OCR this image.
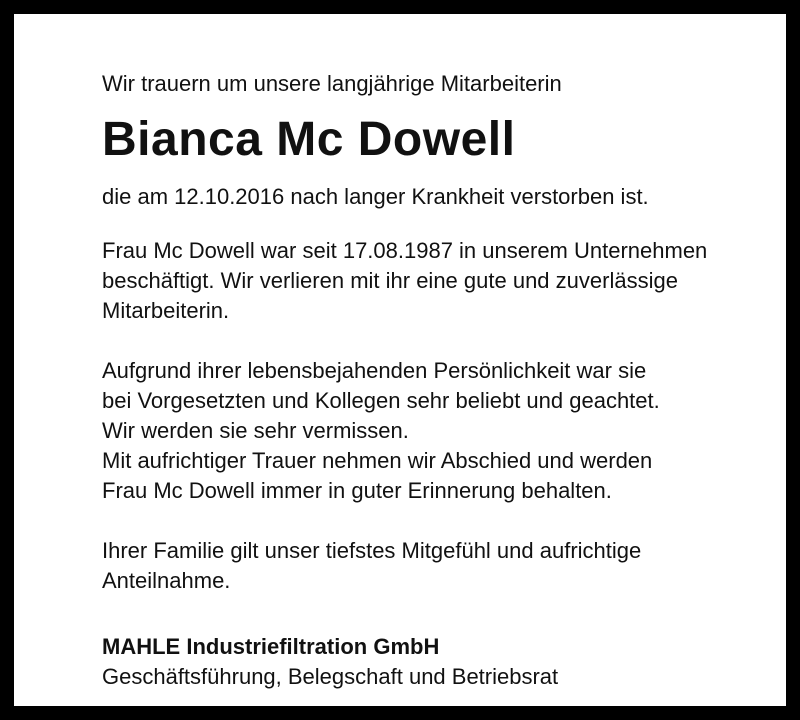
Wir trauern um unsere langjährige Mitarbeiterin

Bianca Mc Dowell

die am 12.10.2016 nach langer Krankheit verstorben ist.

Frau Mc Dowell war seit 17.08.1987 in unserem Unternehmen
beschäftigt. Wir verlieren mit ihr eine gute und zuverlässige
Mitarbeiterin.

Aufgrund ihrer lebensbejahenden Persönlichkeit war sie
bei Vorgesetzten und Kollegen sehr beliebt und geachtet.
Wir werden sie sehr vermissen.
Mit aufrichtiger Trauer nehmen wir Abschied und werden
Frau Mc Dowell immer in guter Erinnerung behalten.

Ihrer Familie gilt unser tiefstes Mitgefühl und aufrichtige
Anteilnahme.

MAHLE Industriefiltration GmbH

Geschäftsführung, Belegschaft und Betriebsrat
